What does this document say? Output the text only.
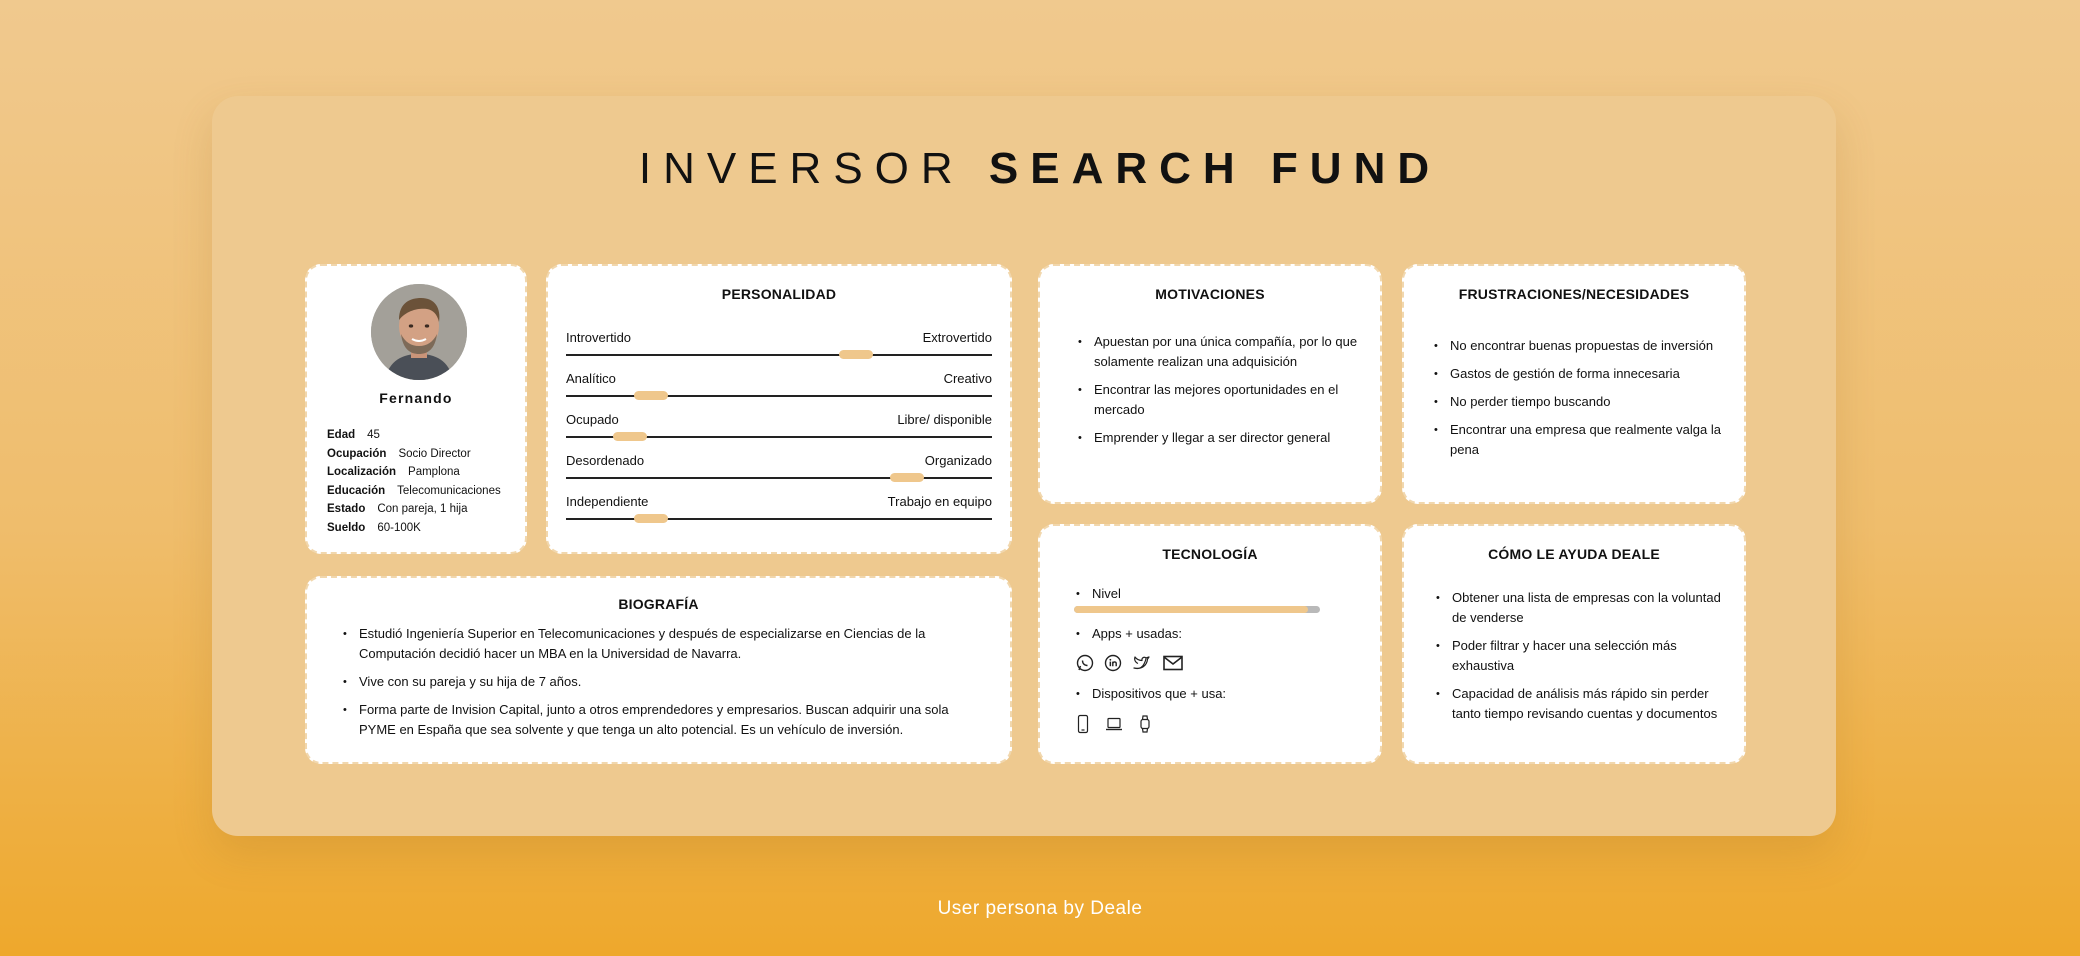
INVERSOR SEARCH FUND
Fernando
Edad 45
Ocupación Socio Director
Localización Pamplona
Educación Telecomunicaciones
Estado Con pareja, 1 hija
Sueldo 60-100K
PERSONALIDAD
Introvertido	Extrovertido
Analítico	Creativo
Ocupado	Libre/ disponible
Desordenado	Organizado
Independiente	Trabajo en equipo
MOTIVACIONES
• Apuestan por una única compañía, por lo que solamente realizan una adquisición
• Encontrar las mejores oportunidades en el mercado
• Emprender y llegar a ser director general
FRUSTRACIONES/NECESIDADES
• No encontrar buenas propuestas de inversión
• Gastos de gestión de forma innecesaria
• No perder tiempo buscando
• Encontrar una empresa que realmente valga la pena
BIOGRAFÍA
• Estudió Ingeniería Superior en Telecomunicaciones y después de especializarse en Ciencias de la Computación decidió hacer un MBA en la Universidad de Navarra.
• Vive con su pareja y su hija de 7 años.
• Forma parte de Invision Capital, junto a otros emprendedores y empresarios. Buscan adquirir una sola PYME en España que sea solvente y que tenga un alto potencial. Es un vehículo de inversión.
TECNOLOGÍA
• Nivel
• Apps + usadas:
• Dispositivos que + usa:
CÓMO LE AYUDA DEALE
• Obtener una lista de empresas con la voluntad de venderse
• Poder filtrar y hacer una selección más exhaustiva
• Capacidad de análisis más rápido sin perder tanto tiempo revisando cuentas y documentos
User persona by Deale
